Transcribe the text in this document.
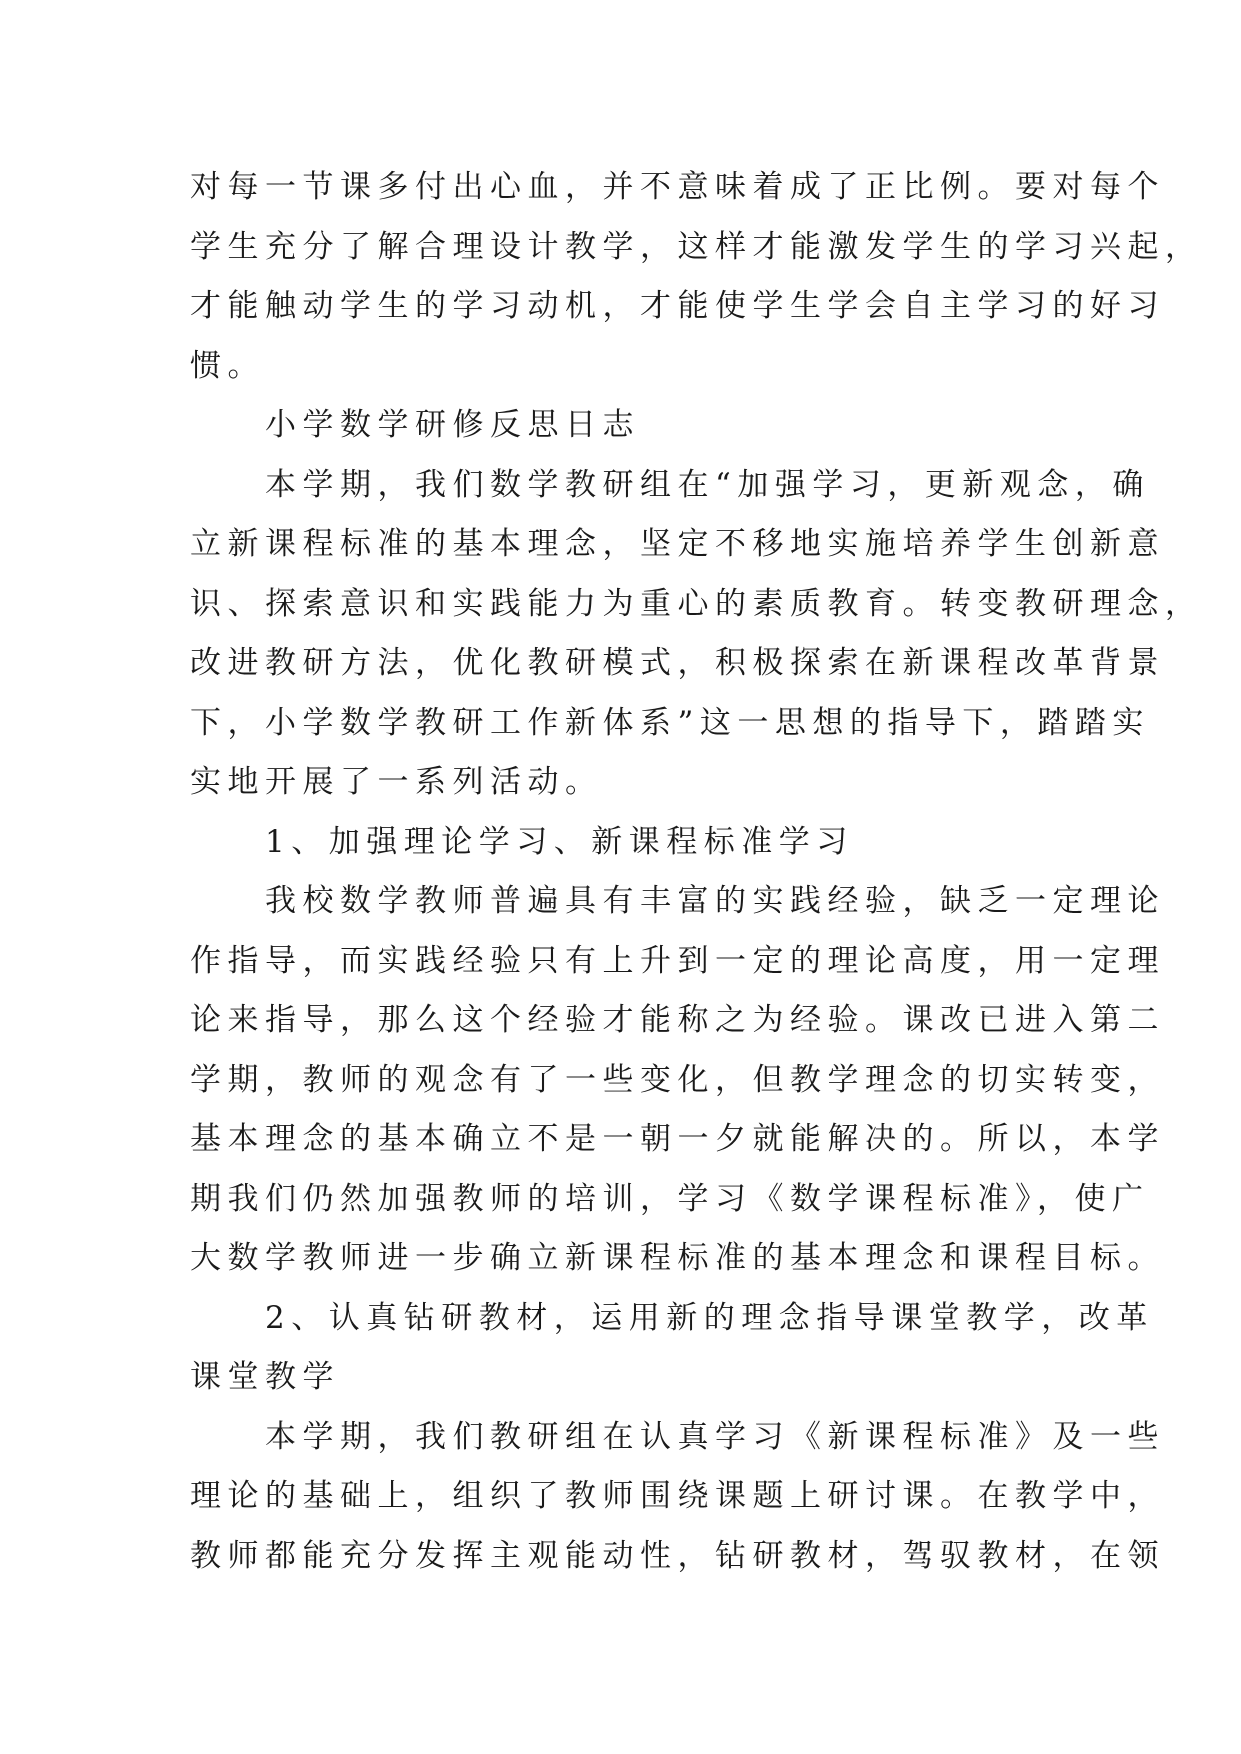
对每一节课多付出心血，并不意味着成了正比例。要对每个
学生充分了解合理设计教学，这样才能激发学生的学习兴起，
才能触动学生的学习动机，才能使学生学会自主学习的好习
惯。
　　小学数学研修反思日志
　　本学期，我们数学教研组在“加强学习，更新观念，确
立新课程标准的基本理念，坚定不移地实施培养学生创新意
识、探索意识和实践能力为重心的素质教育。转变教研理念，
改进教研方法，优化教研模式，积极探索在新课程改革背景
下，小学数学教研工作新体系”这一思想的指导下，踏踏实
实地开展了一系列活动。
　　1、加强理论学习、新课程标准学习
　　我校数学教师普遍具有丰富的实践经验，缺乏一定理论
作指导，而实践经验只有上升到一定的理论高度，用一定理
论来指导，那么这个经验才能称之为经验。课改已进入第二
学期，教师的观念有了一些变化，但教学理念的切实转变，
基本理念的基本确立不是一朝一夕就能解决的。所以，本学
期我们仍然加强教师的培训，学习《数学课程标准》，使广
大数学教师进一步确立新课程标准的基本理念和课程目标。
　　2、认真钻研教材，运用新的理念指导课堂教学，改革
课堂教学
　　本学期，我们教研组在认真学习《新课程标准》及一些
理论的基础上，组织了教师围绕课题上研讨课。在教学中，
教师都能充分发挥主观能动性，钻研教材，驾驭教材，在领
